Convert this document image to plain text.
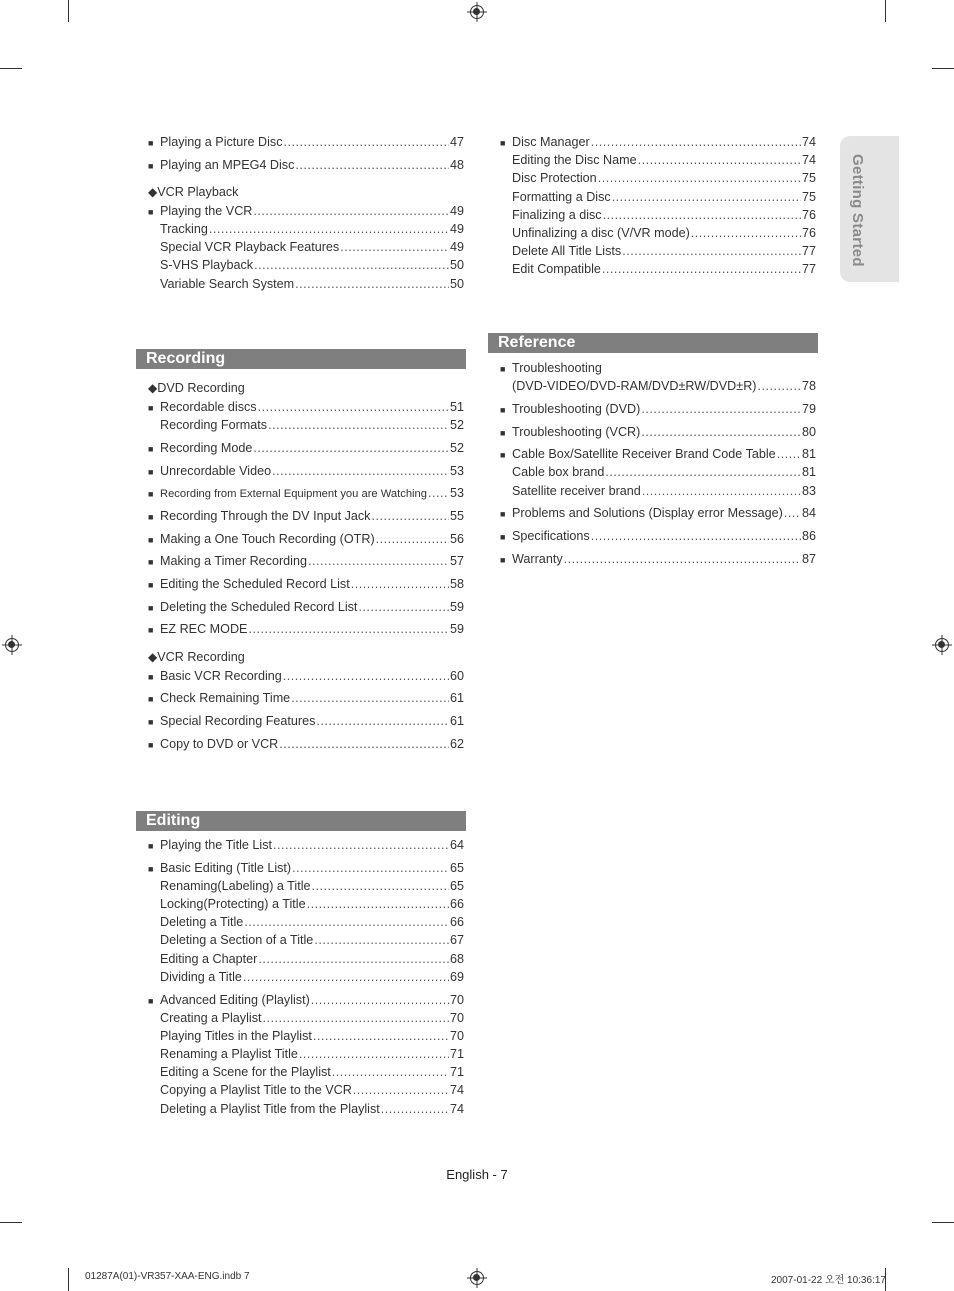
■ Playing a Picture Disc .....	47
■ Playing an MPEG4 Disc .....	48
◆VCR Playback
■ Playing the VCR .....	49
Tracking .....	49
Special VCR Playback Features .....	49
S-VHS Playback .....	50
Variable Search System .....	50
Recording
◆DVD Recording
■ Recordable discs .....	51
Recording Formats .....	52
■ Recording Mode .....	52
■ Unrecordable Video .....	53
■ Recording from External Equipment you are Watching ..... 53
■ Recording Through the DV Input Jack .....	55
■ Making a One Touch Recording (OTR) .....	56
■ Making a Timer Recording .....	57
■ Editing the Scheduled Record List .....	58
■ Deleting the Scheduled Record List .....	59
■ EZ REC MODE .....	59
◆VCR Recording
■ Basic VCR Recording .....	60
■ Check Remaining Time .....	61
■ Special Recording Features .....	61
■ Copy to DVD or VCR .....	62
Editing
■ Playing the Title List .....	64
■ Basic Editing (Title List) .....	65
Renaming(Labeling) a Title .....	65
Locking(Protecting) a Title .....	66
Deleting a Title .....	66
Deleting a Section of a Title .....	67
Editing a Chapter .....	68
Dividing a Title .....	69
■ Advanced Editing (Playlist) .....	70
Creating a Playlist .....	70
Playing Titles in the Playlist .....	70
Renaming a Playlist Title .....	71
Editing a Scene for the Playlist .....	71
Copying a Playlist Title to the VCR .....	74
Deleting a Playlist Title from the Playlist .....	74
■ Disc Manager .....	74
Editing the Disc Name .....	74
Disc Protection .....	75
Formatting a Disc .....	75
Finalizing a disc .....	76
Unfinalizing a disc (V/VR mode) .....	76
Delete All Title Lists .....	77
Edit Compatible .....	77
Reference
■ Troubleshooting
(DVD-VIDEO/DVD-RAM/DVD±RW/DVD±R) .....	78
■ Troubleshooting (DVD) .....	79
■ Troubleshooting (VCR) .....	80
■ Cable Box/Satellite Receiver Brand Code Table ..... 81
Cable box brand .....	81
Satellite receiver brand .....	83
■ Problems and Solutions (Display error Message) ..... 84
■ Specifications .....	86
■ Warranty .....	87
Getting Started
English - 7
01287A(01)-VR357-XAA-ENG.indb 7	2007-01-22 오전 10:36:17
